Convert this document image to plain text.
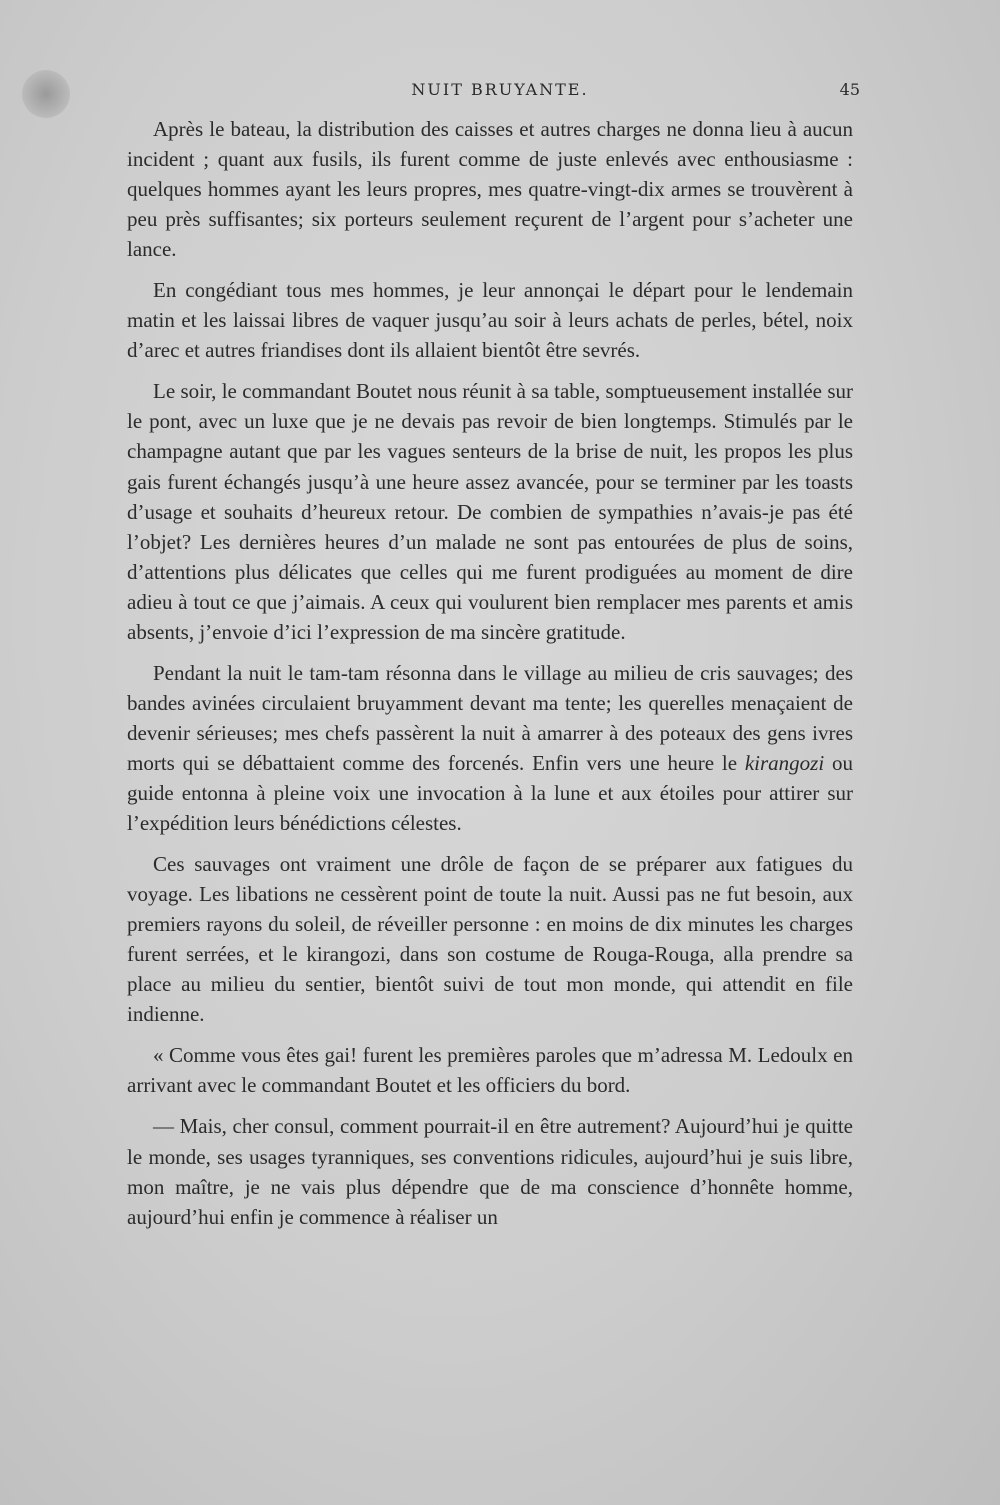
NUIT BRUYANTE.	45

Après le bateau, la distribution des caisses et autres charges ne donna lieu à aucun incident ; quant aux fusils, ils furent comme de juste enlevés avec enthousiasme : quelques hommes ayant les leurs propres, mes quatre-vingt-dix armes se trouvèrent à peu près suffisantes; six porteurs seulement reçurent de l’argent pour s’acheter une lance.

En congédiant tous mes hommes, je leur annonçai le départ pour le lendemain matin et les laissai libres de vaquer jusqu’au soir à leurs achats de perles, bétel, noix d’arec et autres friandises dont ils allaient bientôt être sevrés.

Le soir, le commandant Boutet nous réunit à sa table, somptueusement installée sur le pont, avec un luxe que je ne devais pas revoir de bien longtemps. Stimulés par le champagne autant que par les vagues senteurs de la brise de nuit, les propos les plus gais furent échangés jusqu’à une heure assez avancée, pour se terminer par les toasts d’usage et souhaits d’heureux retour. De combien de sympathies n’avais-je pas été l’objet? Les dernières heures d’un malade ne sont pas entourées de plus de soins, d’attentions plus délicates que celles qui me furent prodiguées au moment de dire adieu à tout ce que j’aimais. A ceux qui voulurent bien remplacer mes parents et amis absents, j’envoie d’ici l’expression de ma sincère gratitude.

Pendant la nuit le tam-tam résonna dans le village au milieu de cris sauvages; des bandes avinées circulaient bruyamment devant ma tente; les querelles menaçaient de devenir sérieuses; mes chefs passèrent la nuit à amarrer à des poteaux des gens ivres morts qui se débattaient comme des forcenés. Enfin vers une heure le kirangozi ou guide entonna à pleine voix une invocation à la lune et aux étoiles pour attirer sur l’expédition leurs bénédictions célestes.

Ces sauvages ont vraiment une drôle de façon de se préparer aux fatigues du voyage. Les libations ne cessèrent point de toute la nuit. Aussi pas ne fut besoin, aux premiers rayons du soleil, de réveiller personne : en moins de dix minutes les charges furent serrées, et le kirangozi, dans son costume de Rouga-Rouga, alla prendre sa place au milieu du sentier, bientôt suivi de tout mon monde, qui attendit en file indienne.

« Comme vous êtes gai! furent les premières paroles que m’adressa M. Ledoulx en arrivant avec le commandant Boutet et les officiers du bord.

— Mais, cher consul, comment pourrait-il en être autrement? Aujourd’hui je quitte le monde, ses usages tyranniques, ses conventions ridicules, aujourd’hui je suis libre, mon maître, je ne vais plus dépendre que de ma conscience d’honnête homme, aujourd’hui enfin je commence à réaliser un
